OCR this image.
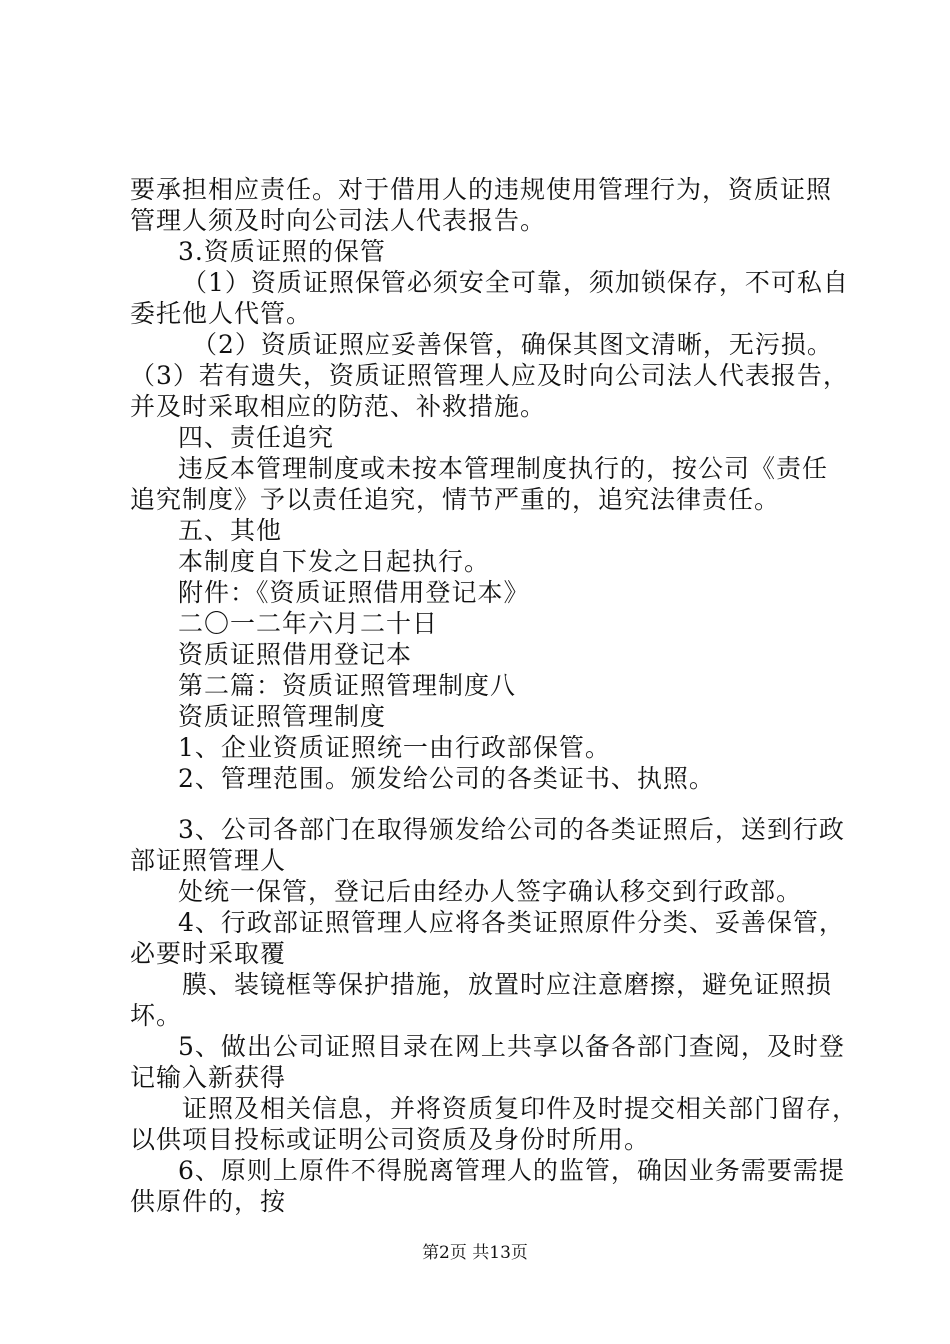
要承担相应责任。对于借用人的违规使用管理行为，资质证照
管理人须及时向公司法人代表报告。
3.资质证照的保管
（1）资质证照保管必须安全可靠，须加锁保存，不可私自
委托他人代管。
（2）资质证照应妥善保管，确保其图文清晰，无污损。
（3）若有遗失，资质证照管理人应及时向公司法人代表报告，
并及时采取相应的防范、补救措施。
四、责任追究
违反本管理制度或未按本管理制度执行的，按公司《责任
追究制度》予以责任追究，情节严重的，追究法律责任。
五、其他
本制度自下发之日起执行。
附件：《资质证照借用登记本》
二〇一二年六月二十日
资质证照借用登记本
第二篇：资质证照管理制度八
资质证照管理制度
1、企业资质证照统一由行政部保管。
2、管理范围。颁发给公司的各类证书、执照。
3、公司各部门在取得颁发给公司的各类证照后，送到行政
部证照管理人
处统一保管，登记后由经办人签字确认移交到行政部。
4、行政部证照管理人应将各类证照原件分类、妥善保管，
必要时采取覆
膜、装镜框等保护措施，放置时应注意磨擦，避免证照损
坏。
5、做出公司证照目录在网上共享以备各部门查阅，及时登
记输入新获得
证照及相关信息，并将资质复印件及时提交相关部门留存，
以供项目投标或证明公司资质及身份时所用。
6、原则上原件不得脱离管理人的监管，确因业务需要需提
供原件的，按
第2页 共13页
